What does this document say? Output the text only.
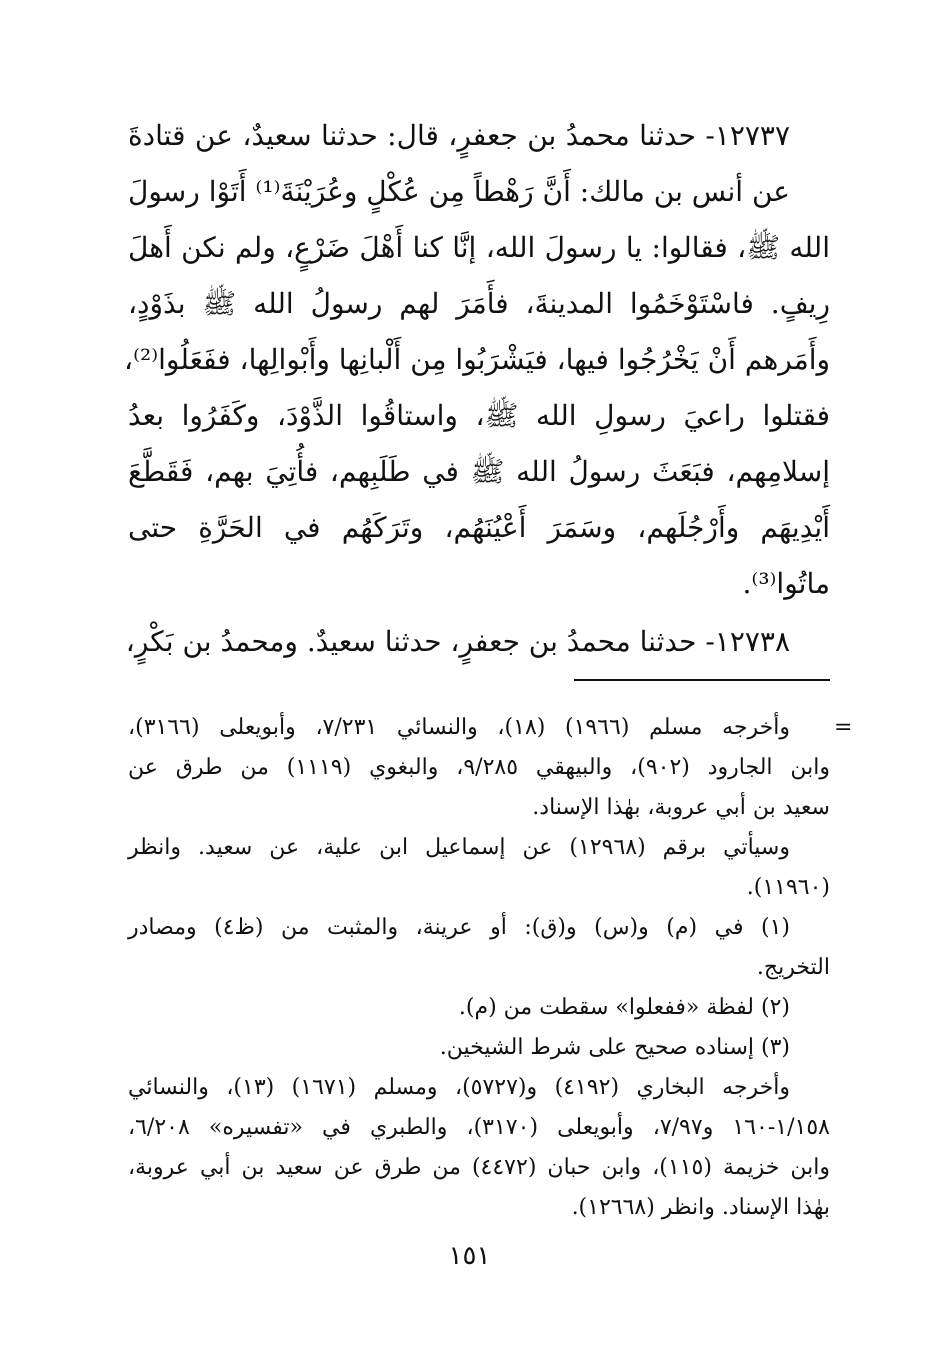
١٢٧٣٧- حدثنا محمدُ بن جعفرٍ، قال: حدثنا سعيدٌ، عن قتادةَ
عن أنس بن مالك: أَنَّ رَهْطاً مِن عُكْلٍ وعُرَيْنَةَ⁽¹⁾ أَتَوْا رسولَ
الله ﷺ، فقالوا: يا رسولَ الله، إنَّا كنا أَهْلَ ضَرْعٍ، ولم نكن أَهلَ
رِيفٍ. فاسْتَوْخَمُوا المدينةَ، فأَمَرَ لهم رسولُ الله ﷺ بذَوْدٍ،
وأَمَرهم أَنْ يَخْرُجُوا فيها، فيَشْرَبُوا مِن أَلْبانِها وأَبْوالِها، ففَعَلُوا⁽²⁾،
فقتلوا راعيَ رسولِ الله ﷺ، واستاقُوا الذَّوْدَ، وكَفَرُوا بعدُ
إسلامِهم، فبَعَثَ رسولُ الله ﷺ في طَلَبِهم، فأُتِيَ بهم، فَقَطَّعَ
أَيْدِيهَم وأَرْجُلَهم، وسَمَرَ أَعْيُنَهُم، وتَرَكَهُم في الحَرَّةِ حتى
ماتُوا⁽³⁾.
١٢٧٣٨- حدثنا محمدُ بن جعفرٍ، حدثنا سعيدٌ. ومحمدُ بن بَكْرٍ،
=
وأخرجه مسلم (١٩٦٦) (١٨)، والنسائي ٧/٢٣١، وأبويعلى (٣١٦٦)،
وابن الجارود (٩٠٢)، والبيهقي ٩/٢٨٥، والبغوي (١١١٩) من طرق عن
سعيد بن أبي عروبة، بهٰذا الإسناد.
وسيأتي برقم (١٢٩٦٨) عن إسماعيل ابن علية، عن سعيد. وانظر
(١١٩٦٠).
(١) في (م) و(س) و(ق): أو عرينة، والمثبت من (ظ٤) ومصادر
التخريج.
(٢) لفظة «ففعلوا» سقطت من (م).
(٣) إسناده صحيح على شرط الشيخين.
وأخرجه البخاري (٤١٩٢) و(٥٧٢٧)، ومسلم (١٦٧١) (١٣)، والنسائي
١/١٥٨-١٦٠ و٧/٩٧، وأبويعلى (٣١٧٠)، والطبري في «تفسيره» ٦/٢٠٨،
وابن خزيمة (١١٥)، وابن حبان (٤٤٧٢) من طرق عن سعيد بن أبي عروبة،
بهٰذا الإسناد. وانظر (١٢٦٦٨).
١٥١
